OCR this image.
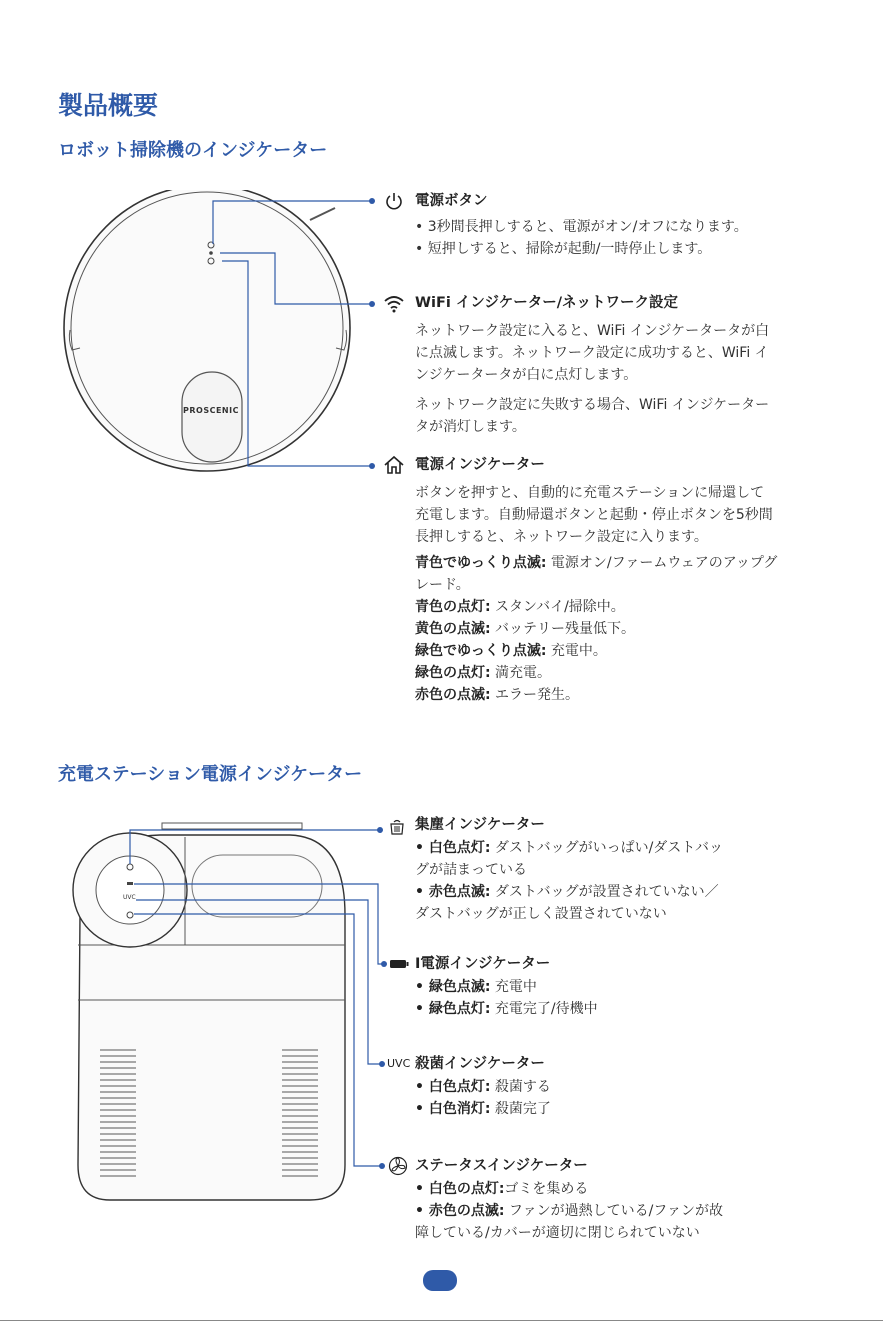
製品概要
ロボット掃除機のインジケーター
PROSCENIC
電源ボタン

• 3秒間長押しすると、電源がオン/オフになります。

• 短押しすると、掃除が起動/一時停止します。

WiFi インジケーター/ネットワーク設定

ネットワーク設定に入ると、WiFi インジケータータが白

に点滅します。ネットワーク設定に成功すると、WiFi イ

ンジケータータが白に点灯します。

ネットワーク設定に失敗する場合、WiFi インジケーター

タが消灯します。

電源インジケーター

ボタンを押すと、自動的に充電ステーションに帰還して

充電します。自動帰還ボタンと起動・停止ボタンを5秒間

長押しすると、ネットワーク設定に入ります。

青色でゆっくり点滅: 電源オン/ファームウェアのアップグ

レード。

青色の点灯: スタンバイ/掃除中。

黄色の点滅: バッテリー残量低下。

緑色でゆっくり点滅: 充電中。

緑色の点灯: 満充電。

赤色の点滅: エラー発生。

充電ステーション電源インジケーター
UVC
UVC
集塵インジケーター

• 白色点灯: ダストバッグがいっぱい/ダストバッ

グが詰まっている

• 赤色点滅: ダストバッグが設置されていない／

ダストバッグが正しく設置されていない

I電源インジケーター

• 緑色点滅: 充電中

• 緑色点灯: 充電完了/待機中

殺菌インジケーター

• 白色点灯: 殺菌する

• 白色消灯: 殺菌完了

ステータスインジケーター

• 白色の点灯:ゴミを集める

• 赤色の点滅: ファンが過熱している/ファンが故

障している/カバーが適切に閉じられていない
